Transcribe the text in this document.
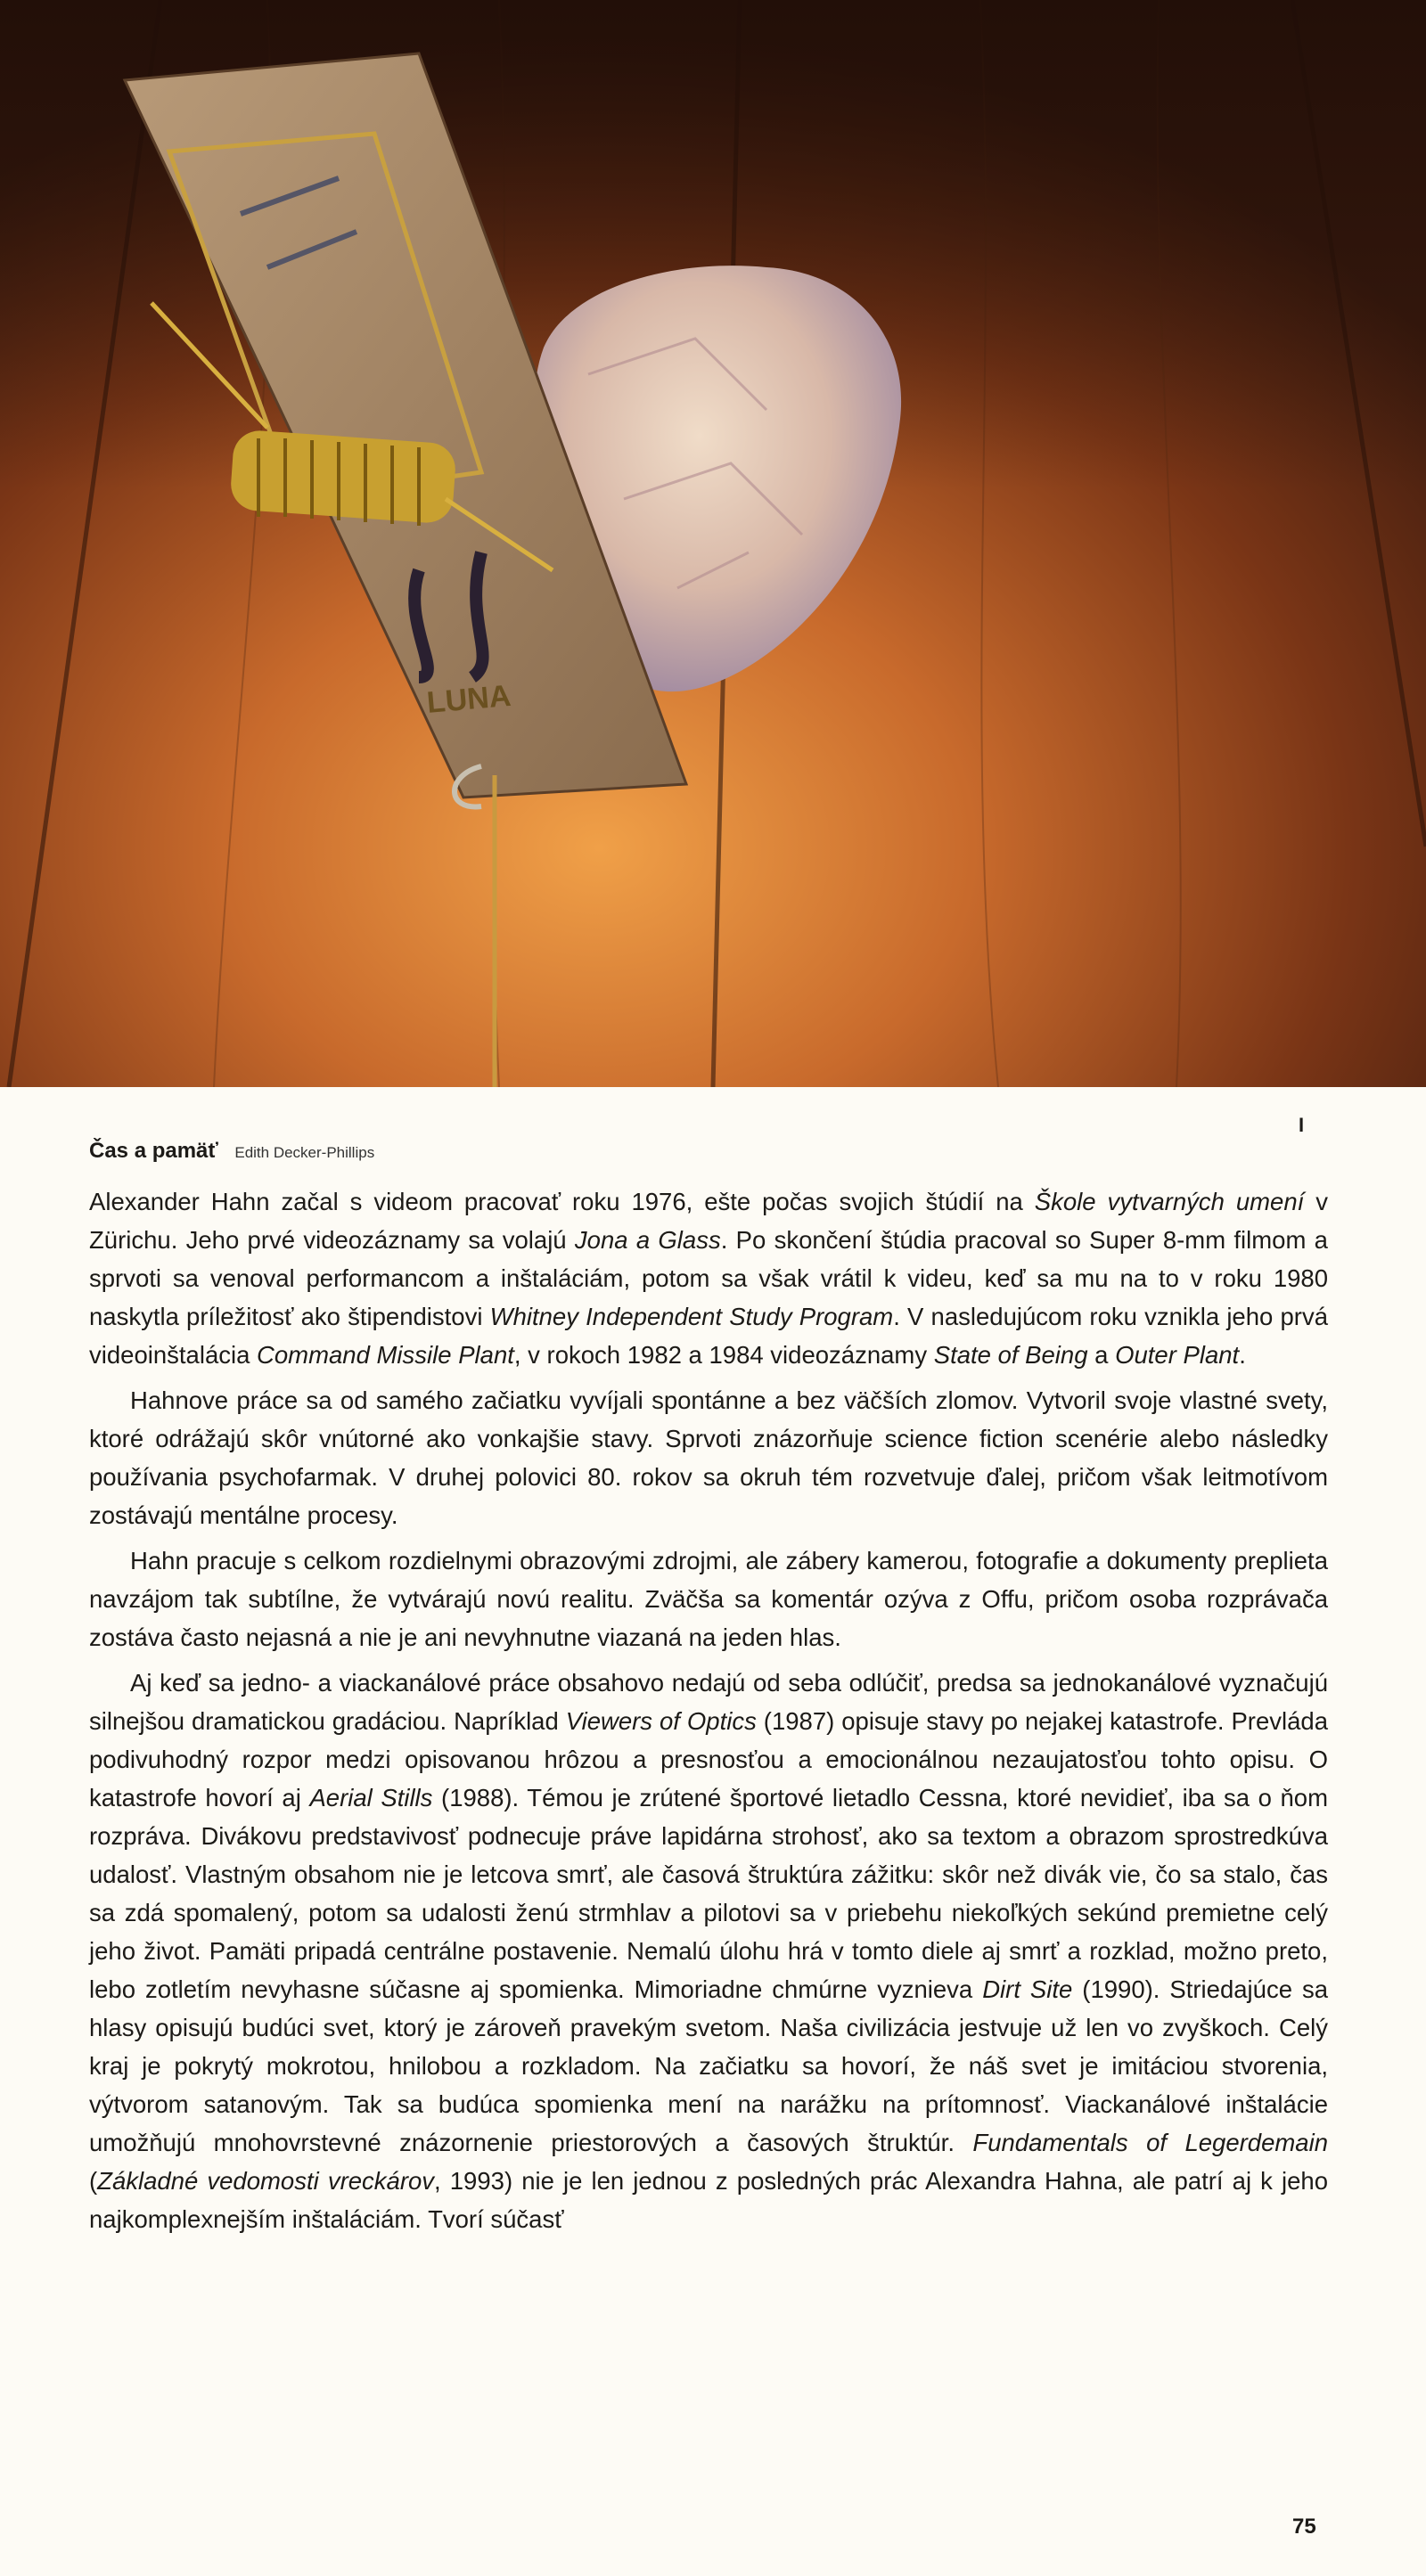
LUNA
I
Čas a pamäť Edith Decker-Phillips

Alexander Hahn začal s videom pracovať roku 1976, ešte počas svojich štúdií na Škole vytvarných umení v Zürichu. Jeho prvé videozáznamy sa volajú Jona a Glass. Po skončení štúdia pracoval so Super 8-mm filmom a sprvoti sa venoval performancom a inštaláciám, potom sa však vrátil k videu, keď sa mu na to v roku 1980 naskytla príležitosť ako štipendistovi Whitney Independent Study Program. V nasledujúcom roku vznikla jeho prvá videoinštalácia Command Missile Plant, v rokoch 1982 a 1984 videozáznamy State of Being a Outer Plant.

Hahnove práce sa od samého začiatku vyvíjali spontánne a bez väčších zlomov. Vytvoril svoje vlastné svety, ktoré odrážajú skôr vnútorné ako vonkajšie stavy. Sprvoti znázorňuje science fiction scenérie alebo následky používania psychofarmak. V druhej polovici 80. rokov sa okruh tém rozvetvuje ďalej, pričom však leitmotívom zostávajú mentálne procesy.

Hahn pracuje s celkom rozdielnymi obrazovými zdrojmi, ale zábery kamerou, fotografie a dokumenty preplieta navzájom tak subtílne, že vytvárajú novú realitu. Zväčša sa komentár ozýva z Offu, pričom osoba rozprávača zostáva často nejasná a nie je ani nevyhnutne viazaná na jeden hlas.

Aj keď sa jedno- a viackanálové práce obsahovo nedajú od seba odlúčiť, predsa sa jednokanálové vyznačujú silnejšou dramatickou gradáciou. Napríklad Viewers of Optics (1987) opisuje stavy po nejakej katastrofe. Prevláda podivuhodný rozpor medzi opisovanou hrôzou a presnosťou a emocionálnou nezaujatosťou tohto opisu. O katastrofe hovorí aj Aerial Stills (1988). Témou je zrútené športové lietadlo Cessna, ktoré nevidieť, iba sa o ňom rozpráva. Divákovu predstavivosť podnecuje práve lapidárna strohosť, ako sa textom a obrazom sprostredkúva udalosť. Vlastným obsahom nie je letcova smrť, ale časová štruktúra zážitku: skôr než divák vie, čo sa stalo, čas sa zdá spomalený, potom sa udalosti ženú strmhlav a pilotovi sa v priebehu niekoľkých sekúnd premietne celý jeho život. Pamäti pripadá centrálne postavenie. Nemalú úlohu hrá v tomto diele aj smrť a rozklad, možno preto, lebo zotletím nevyhasne súčasne aj spomienka. Mimoriadne chmúrne vyznieva Dirt Site (1990). Striedajúce sa hlasy opisujú budúci svet, ktorý je zároveň pravekým svetom. Naša civilizácia jestvuje už len vo zvyškoch. Celý kraj je pokrytý mokrotou, hnilobou a rozkladom. Na začiatku sa hovorí, že náš svet je imitáciou stvorenia, výtvorom satanovým. Tak sa budúca spomienka mení na narážku na prítomnosť. Viackanálové inštalácie umožňujú mnohovrstevné znázornenie priestorových a časových štruktúr. Fundamentals of Legerdemain (Základné vedomosti vreckárov, 1993) nie je len jednou z posledných prác Alexandra Hahna, ale patrí aj k jeho najkomplexnejším inštaláciám. Tvorí súčasť

75
